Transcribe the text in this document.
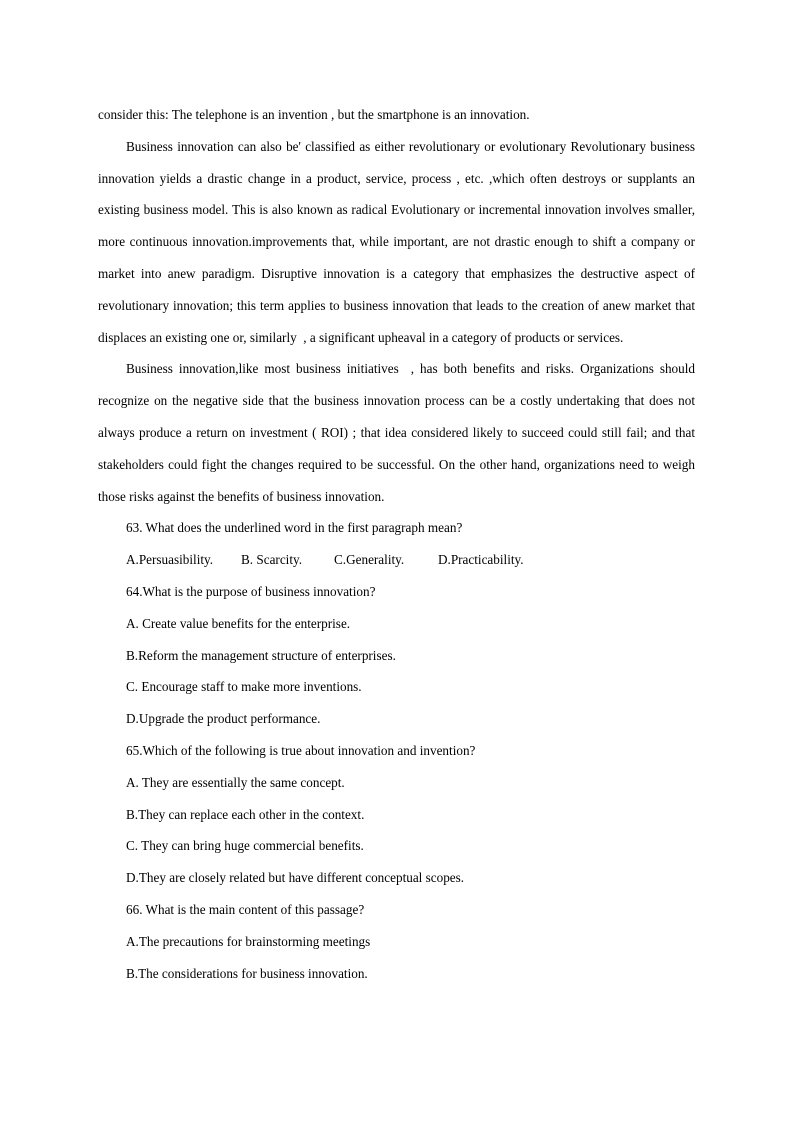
consider this: The telephone is an invention , but the smartphone is an innovation.

Business innovation can also be' classified as either revolutionary or evolutionary Revolutionary business innovation yields a drastic change in a product, service, process , etc. ,which often destroys or supplants an existing business model. This is also known as radical Evolutionary or incremental innovation involves smaller, more continuous innovation.improvements that, while important, are not drastic enough to shift a company or market into anew paradigm. Disruptive innovation is a category that emphasizes the destructive aspect of revolutionary innovation; this term applies to business innovation that leads to the creation of anew market that displaces an existing one or, similarly  , a significant upheaval in a category of products or services.

Business innovation,like most business initiatives  , has both benefits and risks. Organizations should recognize on the negative side that the business innovation process can be a costly undertaking that does not always produce a return on investment ( ROI) ; that idea considered likely to succeed could still fail; and that stakeholders could fight the changes required to be successful. On the other hand, organizations need to weigh those risks against the benefits of business innovation.

63. What does the underlined word in the first paragraph mean?

A.Persuasibility.	B. Scarcity.	C.Generality.	D.Practicability.

64.What is the purpose of business innovation?

A. Create value benefits for the enterprise.

B.Reform the management structure of enterprises.

C. Encourage staff to make more inventions.

D.Upgrade the product performance.

65.Which of the following is true about innovation and invention?

A. They are essentially the same concept.

B.They can replace each other in the context.

C. They can bring huge commercial benefits.

D.They are closely related but have different conceptual scopes.

66. What is the main content of this passage?

A.The precautions for brainstorming meetings

B.The considerations for business innovation.
